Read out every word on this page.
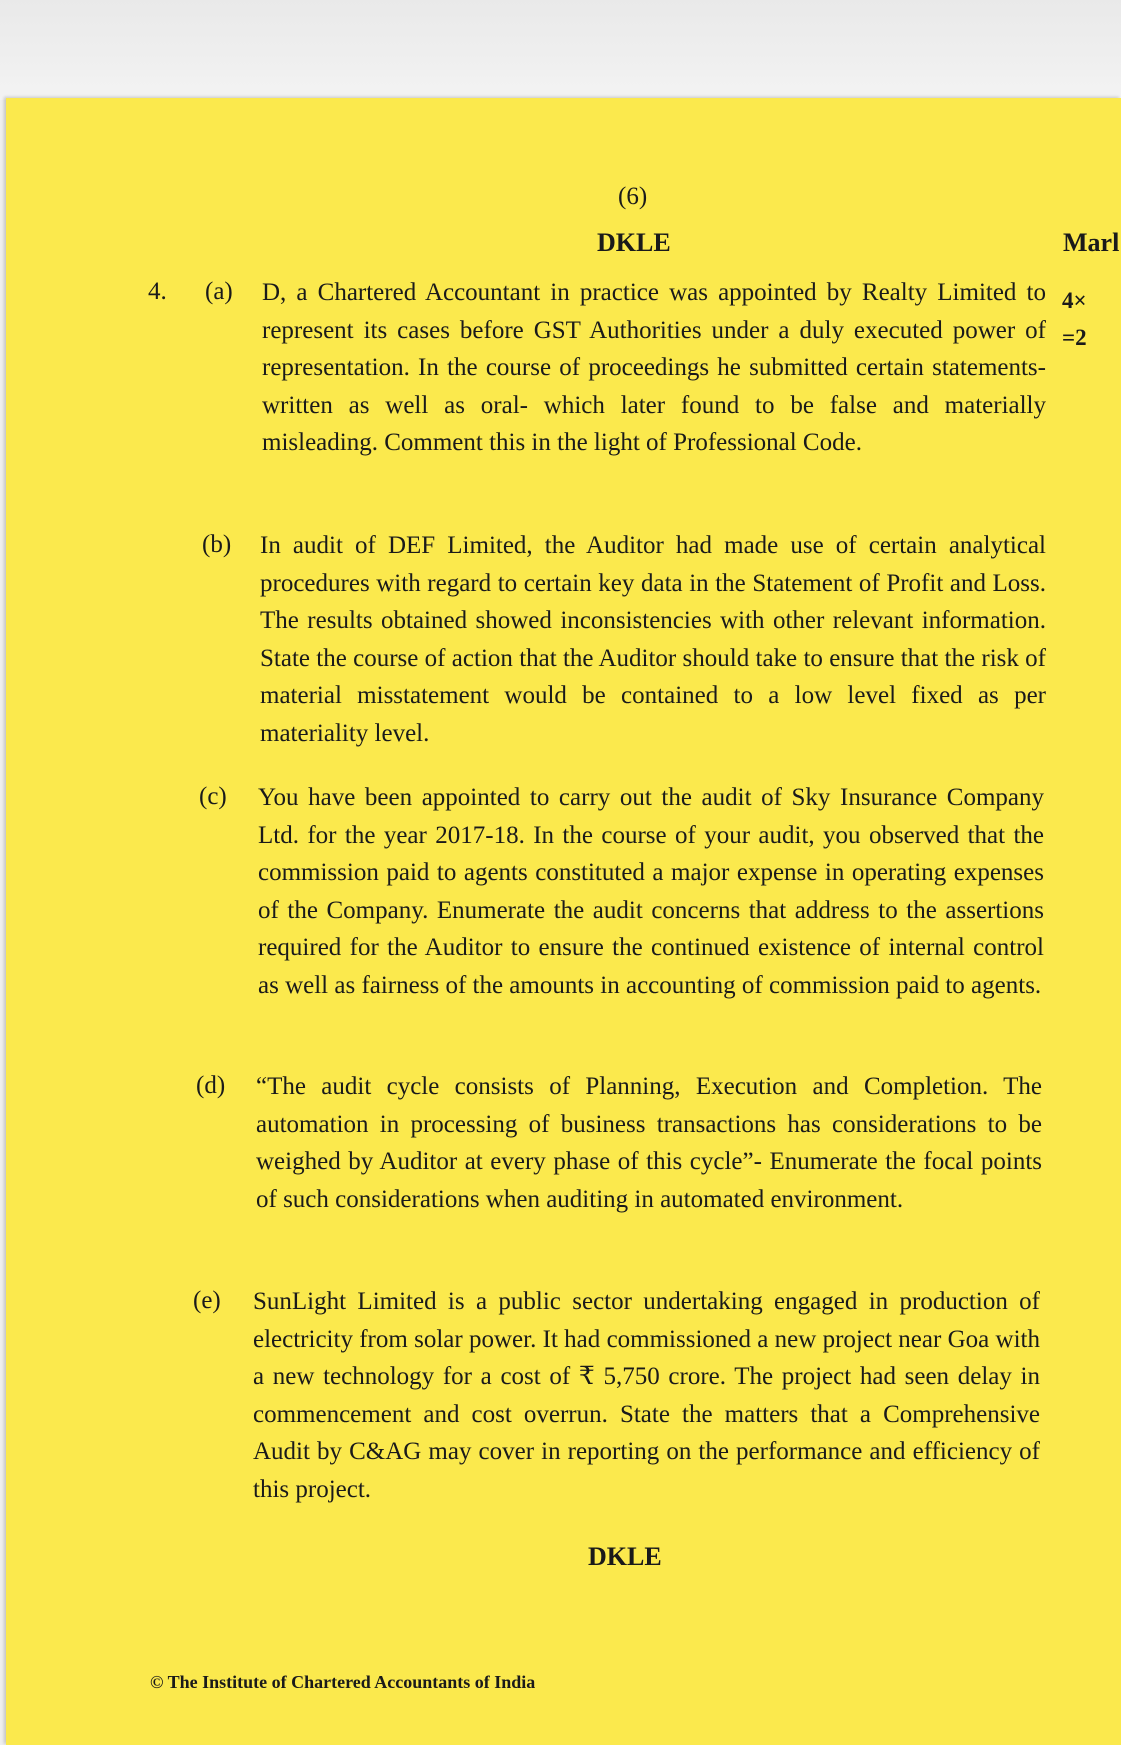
(6)
DKLE	Marl
4×
=2
4. (a) D, a Chartered Accountant in practice was appointed by Realty Limited to represent its cases before GST Authorities under a duly executed power of representation. In the course of proceedings he submitted certain statements-written as well as oral- which later found to be false and materially misleading. Comment this in the light of Professional Code.
(b) In audit of DEF Limited, the Auditor had made use of certain analytical procedures with regard to certain key data in the Statement of Profit and Loss. The results obtained showed inconsistencies with other relevant information. State the course of action that the Auditor should take to ensure that the risk of material misstatement would be contained to a low level fixed as per materiality level.
(c) You have been appointed to carry out the audit of Sky Insurance Company Ltd. for the year 2017-18. In the course of your audit, you observed that the commission paid to agents constituted a major expense in operating expenses of the Company. Enumerate the audit concerns that address to the assertions required for the Auditor to ensure the continued existence of internal control as well as fairness of the amounts in accounting of commission paid to agents.
(d) “The audit cycle consists of Planning, Execution and Completion. The automation in processing of business transactions has considerations to be weighed by Auditor at every phase of this cycle”- Enumerate the focal points of such considerations when auditing in automated environment.
(e) SunLight Limited is a public sector undertaking engaged in production of electricity from solar power. It had commissioned a new project near Goa with a new technology for a cost of ₹ 5,750 crore. The project had seen delay in commencement and cost overrun. State the matters that a Comprehensive Audit by C&AG may cover in reporting on the performance and efficiency of this project.
DKLE
© The Institute of Chartered Accountants of India
